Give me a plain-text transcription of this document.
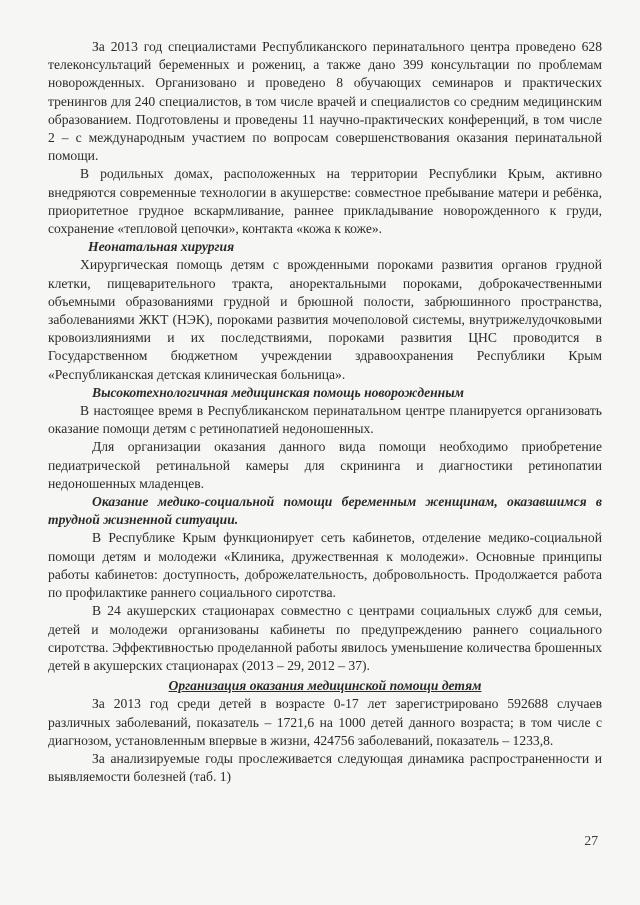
За 2013 год специалистами Республиканского перинатального центра проведено 628 телеконсультаций беременных и рожениц, а также дано 399 консультации по проблемам новорожденных. Организовано и проведено 8 обучающих семинаров и практических тренингов для 240 специалистов, в том числе врачей и специалистов со средним медицинским образованием. Подготовлены и проведены 11 научно-практических конференций, в том числе 2 – с международным участием по вопросам совершенствования оказания перинатальной помощи.

В родильных домах, расположенных на территории Республики Крым, активно внедряются современные технологии в акушерстве: совместное пребывание матери и ребёнка, приоритетное грудное вскармливание, раннее прикладывание новорожденного к груди, сохранение «тепловой цепочки», контакта «кожа к коже».

Неонатальная хирургия

Хирургическая помощь детям с врожденными пороками развития органов грудной клетки, пищеварительного тракта, аноректальными пороками, доброкачественными объемными образованиями грудной и брюшной полости, забрюшинного пространства, заболеваниями ЖКТ (НЭК), пороками развития мочеполовой системы, внутрижелудочковыми кровоизлияниями и их последствиями, пороками развития ЦНС проводится в Государственном бюджетном учреждении здравоохранения Республики Крым «Республиканская детская клиническая больница».

Высокотехнологичная медицинская помощь новорожденным

В настоящее время в Республиканском перинатальном центре планируется организовать оказание помощи детям с ретинопатией недоношенных.

Для организации оказания данного вида помощи необходимо приобретение педиатрической ретинальной камеры для скрининга и диагностики ретинопатии недоношенных младенцев.

Оказание медико-социальной помощи беременным женщинам, оказавшимся в трудной жизненной ситуации.

В Республике Крым функционирует сеть кабинетов, отделение медико-социальной помощи детям и молодежи «Клиника, дружественная к молодежи». Основные принципы работы кабинетов: доступность, доброжелательность, добровольность. Продолжается работа по профилактике раннего социального сиротства.

В 24 акушерских стационарах совместно с центрами социальных служб для семьи, детей и молодежи организованы кабинеты по предупреждению раннего социального сиротства. Эффективностью проделанной работы явилось уменьшение количества брошенных детей в акушерских стационарах (2013 – 29, 2012 – 37).

Организация оказания медицинской помощи детям

За 2013 год среди детей в возрасте 0-17 лет зарегистрировано 592688 случаев различных заболеваний, показатель – 1721,6 на 1000 детей данного возраста; в том числе с диагнозом, установленным впервые в жизни, 424756 заболеваний, показатель – 1233,8.

За анализируемые годы прослеживается следующая динамика распространенности и выявляемости болезней (таб. 1)

27
